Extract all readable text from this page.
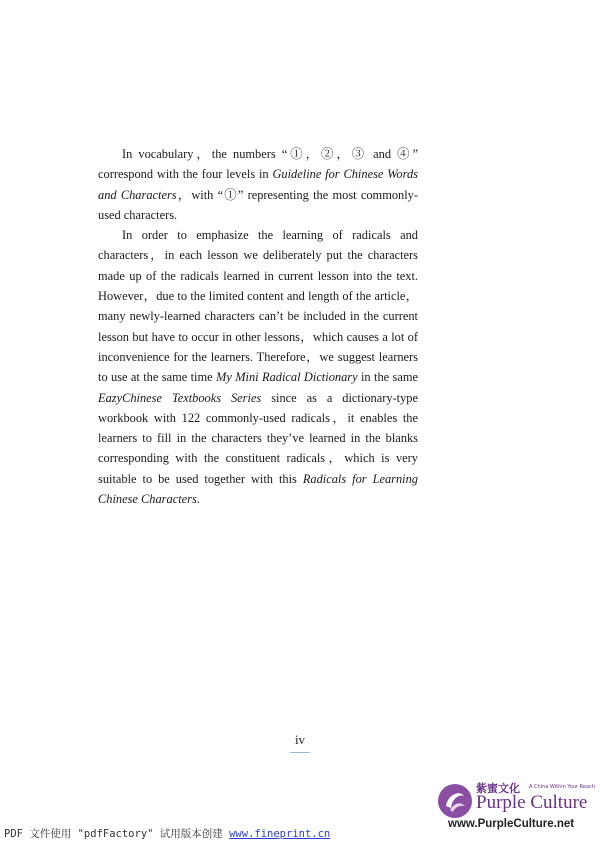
In vocabulary，the numbers “①，②，③ and ④” correspond with the four levels in Guideline for Chinese Words and Characters，with “①” representing the most commonly-used characters.

In order to emphasize the learning of radicals and characters，in each lesson we deliberately put the characters made up of the radicals learned in current lesson into the text. However，due to the limited content and length of the article，many newly-learned characters can’t be included in the current lesson but have to occur in other lessons，which causes a lot of inconvenience for the learners. Therefore，we suggest learners to use at the same time My Mini Radical Dictionary in the same EazyChinese Textbooks Series since as a dictionary-type workbook with 122 commonly-used radicals，it enables the learners to fill in the characters they’ve learned in the blanks corresponding with the constituent radicals，which is very suitable to be used together with this Radicals for Learning Chinese Characters.

iv
紫蜜文化 A China Within Your Reach
Purple Culture
www.PurpleCulture.net
PDF 文件使用 "pdfFactory" 试用版本创建 www.fineprint.cn
